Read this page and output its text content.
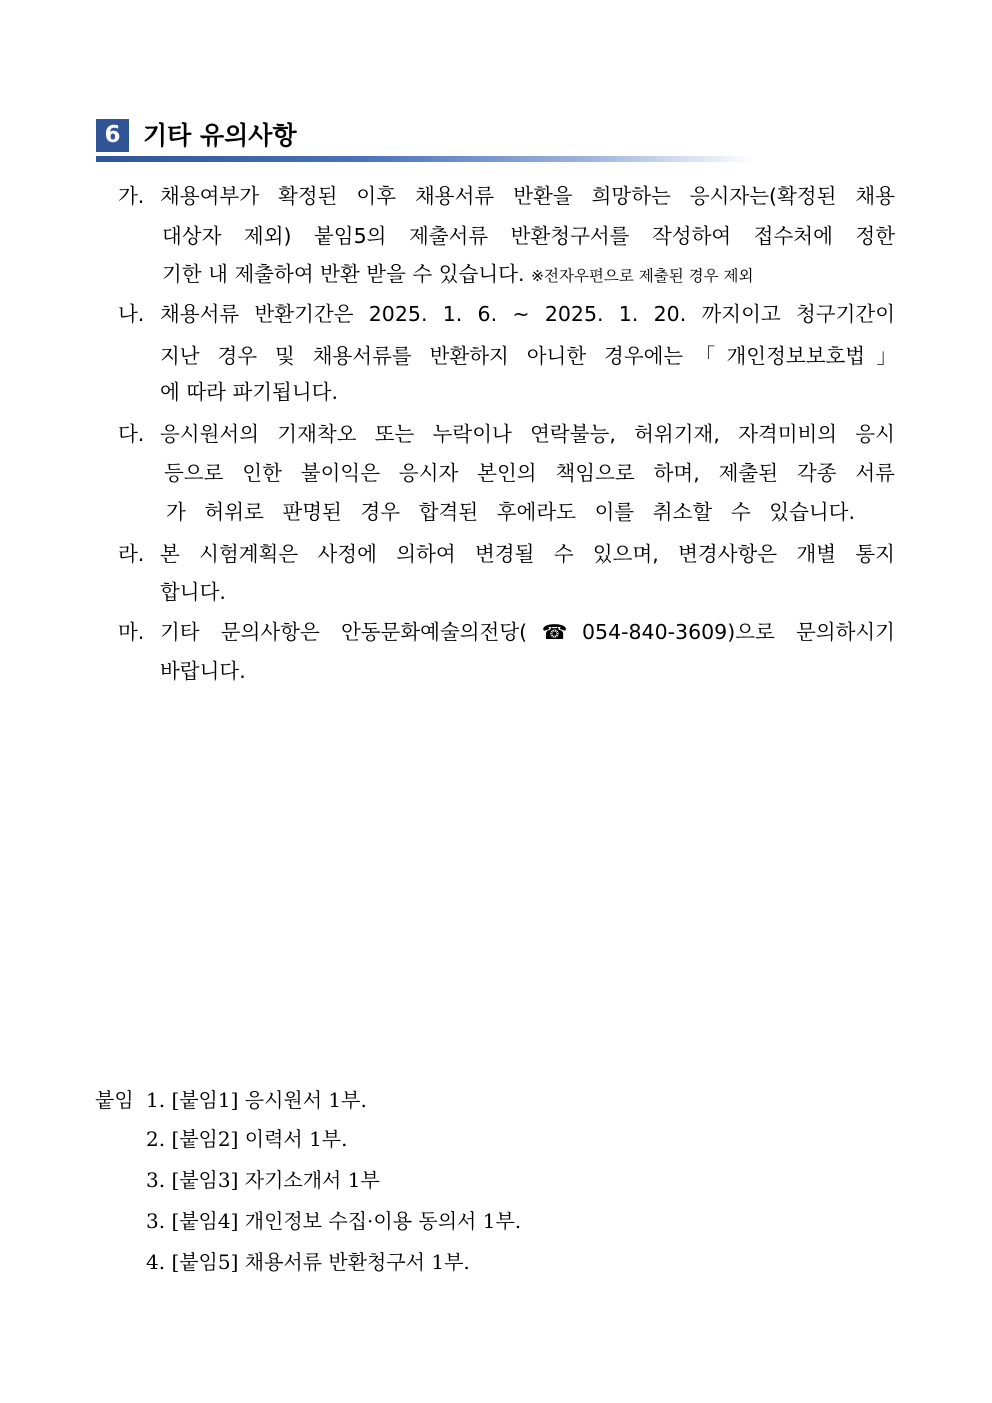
6 기타 유의사항
가. 채용여부가 확정된 이후 채용서류 반환을 희망하는 응시자는(확정된 채용
대상자 제외) 붙임5의 제출서류 반환청구서를 작성하여 접수처에 정한
기한 내 제출하여 반환 받을 수 있습니다. ※전자우편으로 제출된 경우 제외
나. 채용서류 반환기간은 2025. 1. 6. ~ 2025. 1. 20. 까지이고 청구기간이
지난 경우 및 채용서류를 반환하지 아니한 경우에는「개인정보보호법」
에 따라 파기됩니다.
다. 응시원서의 기재착오 또는 누락이나 연락불능, 허위기재, 자격미비의 응시
등으로 인한 불이익은 응시자 본인의 책임으로 하며, 제출된 각종 서류
가 허위로 판명된 경우 합격된 후에라도 이를 취소할 수 있습니다.
라. 본 시험계획은 사정에 의하여 변경될 수 있으며, 변경사항은 개별 통지
합니다.
마. 기타 문의사항은 안동문화예술의전당(☎054-840-3609)으로 문의하시기
바랍니다.
붙임 1. [붙임1] 응시원서 1부.
2. [붙임2] 이력서 1부.
3. [붙임3] 자기소개서 1부
3. [붙임4] 개인정보 수집·이용 동의서 1부.
4. [붙임5] 채용서류 반환청구서 1부.
